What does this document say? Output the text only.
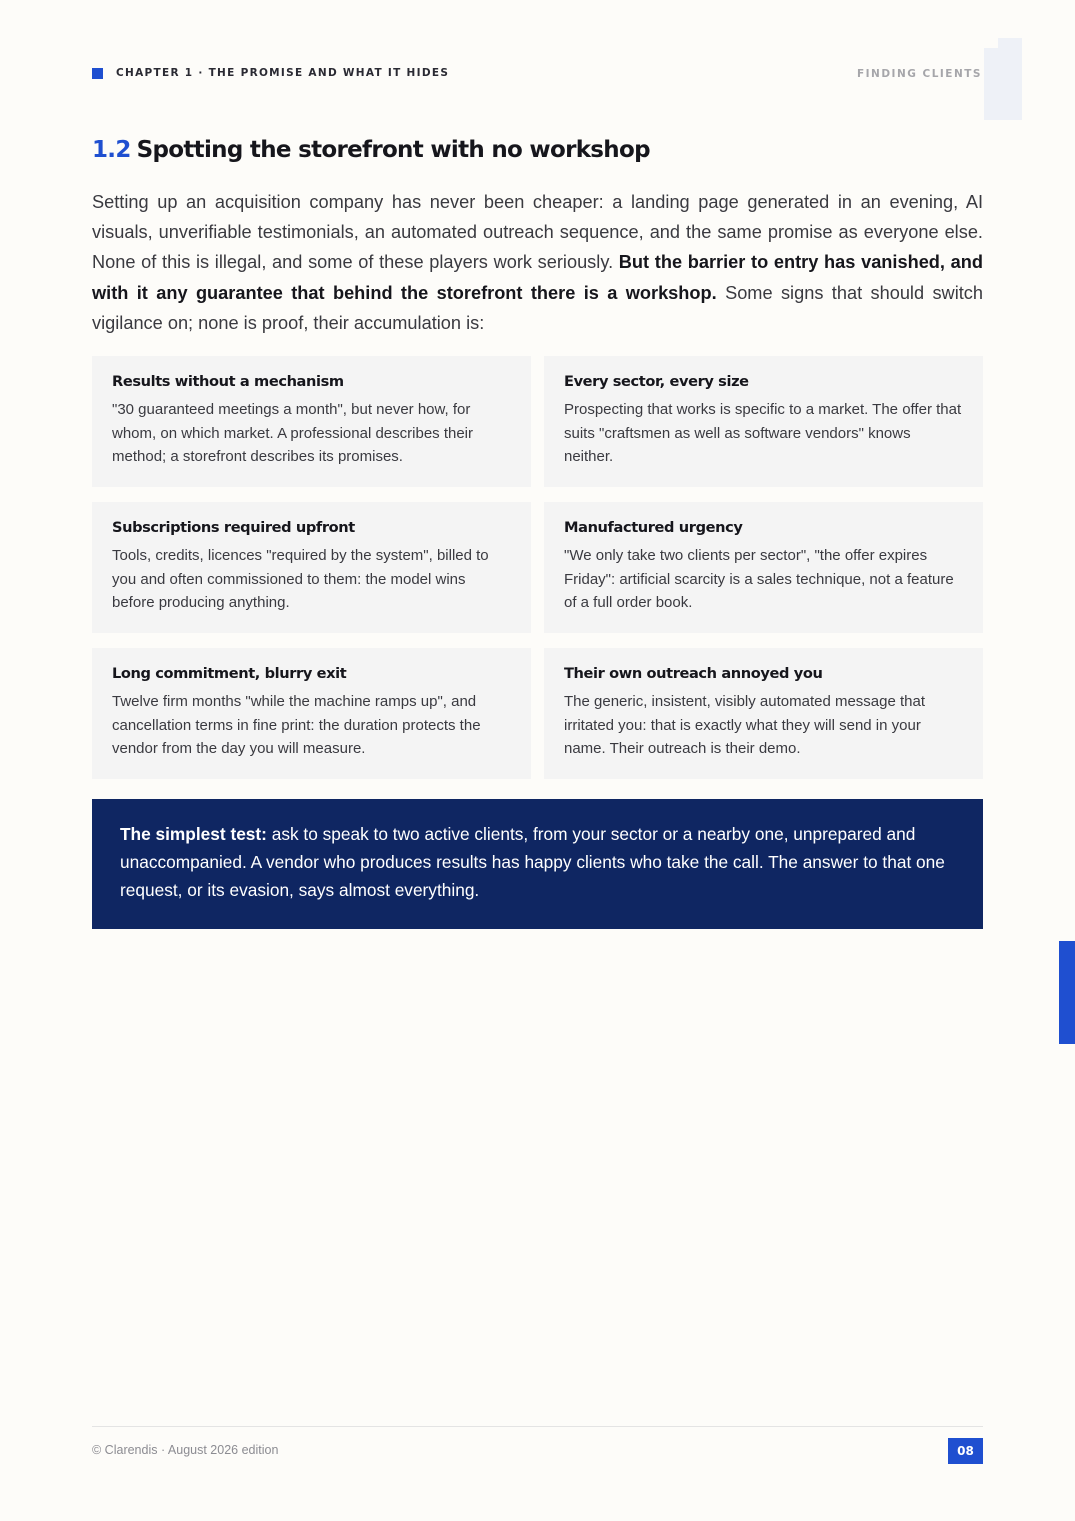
CHAPTER 1 · THE PROMISE AND WHAT IT HIDES	FINDING CLIENTS
1.2 Spotting the storefront with no workshop

Setting up an acquisition company has never been cheaper: a landing page generated in an evening, AI visuals, unverifiable testimonials, an automated outreach sequence, and the same promise as everyone else. None of this is illegal, and some of these players work seriously. But the barrier to entry has vanished, and with it any guarantee that behind the storefront there is a workshop. Some signs that should switch vigilance on; none is proof, their accumulation is:

Results without a mechanism

"30 guaranteed meetings a month", but never how, for whom, on which market. A professional describes their method; a storefront describes its promises.

Every sector, every size

Prospecting that works is specific to a market. The offer that suits "craftsmen as well as software vendors" knows neither.

Subscriptions required upfront

Tools, credits, licences "required by the system", billed to you and often commissioned to them: the model wins before producing anything.

Manufactured urgency

"We only take two clients per sector", "the offer expires Friday": artificial scarcity is a sales technique, not a feature of a full order book.

Long commitment, blurry exit

Twelve firm months "while the machine ramps up", and cancellation terms in fine print: the duration protects the vendor from the day you will measure.

Their own outreach annoyed you

The generic, insistent, visibly automated message that irritated you: that is exactly what they will send in your name. Their outreach is their demo.

The simplest test: ask to speak to two active clients, from your sector or a nearby one, unprepared and unaccompanied. A vendor who produces results has happy clients who take the call. The answer to that one request, or its evasion, says almost everything.

© Clarendis · August 2026 edition	08
